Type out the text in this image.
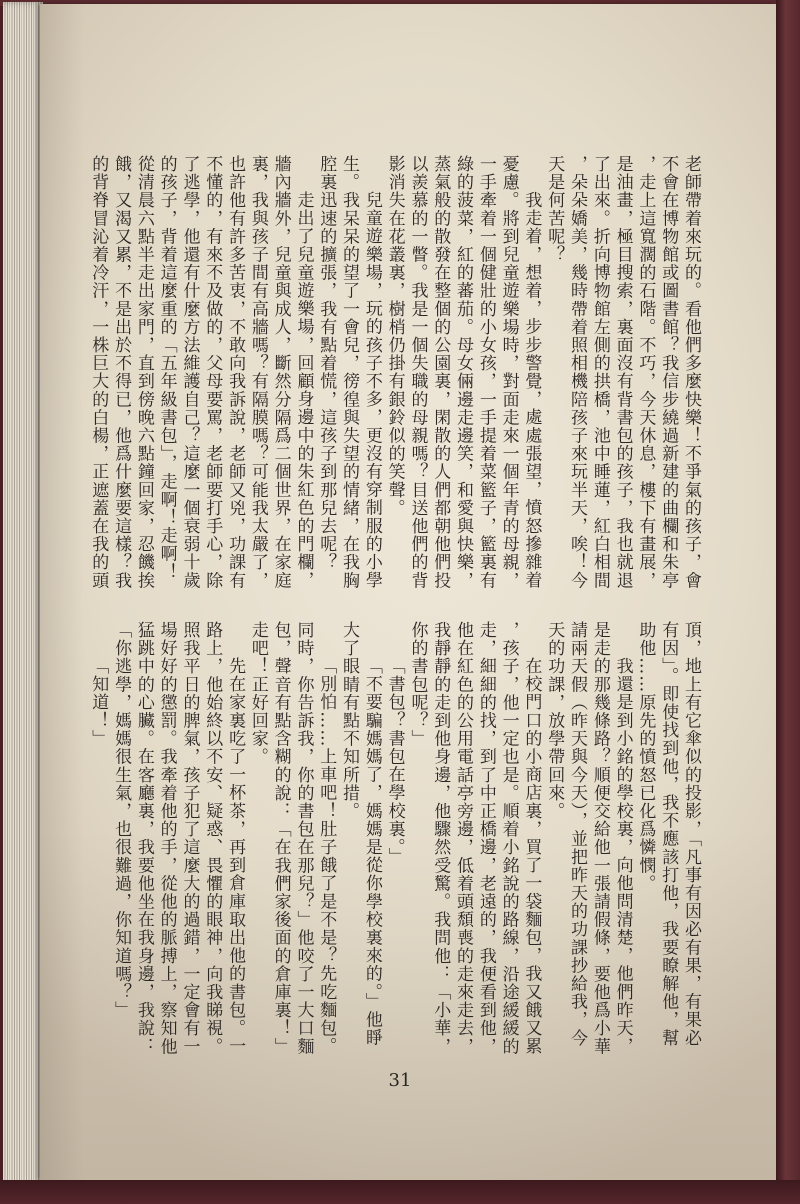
老師帶着來玩的。看他們多麼快樂！不爭氣的孩子，會
不會在博物館或圖書館？我信步繞過新建的曲欄和朱亭
，走上這寬濶的石階。不巧，今天休息，樓下有畫展，
是油畫，極目搜索，裏面沒有背書包的孩子，我也就退
了出來。折向博物館左側的拱橋，池中睡蓮，紅白相間
，朵朵嬌美，幾時帶着照相機陪孩子來玩半天，唉！今
天是何苦呢？
我走着，想着，步步警覺，處處張望，憤怒摻雜着
憂慮。將到兒童遊樂場時，對面走來一個年青的母親，
一手牽着一個健壯的小女孩，一手提着菜籃子，籃裏有
綠的菠菜，紅的蕃茄。母女倆邊走邊笑，和愛與快樂，
蒸氣般的散發在整個的公園裏，閑散的人們都朝他們投
以羨慕的一瞥。我是一個失職的母親嗎？目送他們的背
影消失在花叢裏，樹梢仍掛有銀鈴似的笑聲。
兒童遊樂場，玩的孩子不多，更沒有穿制服的小學
生。我呆呆的望了一會兒，徬徨與失望的情緒，在我胸
腔裏迅速的擴張，我有點着慌，這孩子到那兒去呢？
走出了兒童遊樂場，回顧身邊中的朱紅色的門欄，
牆內牆外，兒童與成人，斷然分隔爲二個世界，在家庭
裏，我與孩子間有高牆嗎？有隔膜嗎？可能我太嚴了，
也許他有許多苦衷，不敢向我訴說，老師又兇，功課有
不懂的，有來不及做的，父母要罵，老師要打手心，除
了逃學，他還有什麼方法維護自己？這麼一個衰弱十歲
的孩子，背着這麼重的「五年級書包」，走啊！走啊！
從清晨六點半走出家門，直到傍晚六點鐘回家，忍饑挨
餓，又渴又累，不是出於不得已，他爲什麼要這樣？我
的背脊冒沁着冷汗，一株巨大的白楊，正遮蓋在我的頭
頂，地上有它傘似的投影，「凡事有因必有果，有果必
有因」。即使找到他，我不應該打他，我要瞭解他，幫
助他……原先的憤怒已化爲憐憫。
我還是到小銘的學校裏，向他問清楚，他們昨天，
是走的那幾條路？順便交給他一張請假條，要他爲小華
請兩天假（昨天與今天），並把昨天的功課抄給我，今
天的功課，放學帶回來。
在校門口的小商店裏，買了一袋麵包，我又餓又累
，孩子，他一定也是。順着小銘說的路線，沿途緩緩的
走，細細的找，到了中正橋邊，老遠的，我便看到他，
他在紅色的公用電話亭旁邊，低着頭頹喪的走來走去，
我靜靜的走到他身邊，他驟然受驚。我問他：「小華，
你的書包呢？」
「書包？書包在學校裏。」
「不要騙媽媽了，媽媽是從你學校裏來的。」他睜
大了眼睛有點不知所措。
「別怕……上車吧！肚子餓了是不是？先吃麵包。
同時，你告訴我，你的書包在那兒？」他咬了一大口麵
包，聲音有點含糊的說：「在我們家後面的倉庫裏！」
走吧！正好回家。
先在家裏吃了一杯茶，再到倉庫取出他的書包。一
路上，他始終以不安、疑惑、畏懼的眼神，向我睇視。
照我平日的脾氣，孩子犯了這麼大的過錯，一定會有一
場好好的懲罰。我牽着他的手，從他的脈搏上，察知他
猛跳中的心臟。在客廳裏，我要他坐在我身邊，我說：
「你逃學，媽媽很生氣，也很難過，你知道嗎？」
「知道！」
31
